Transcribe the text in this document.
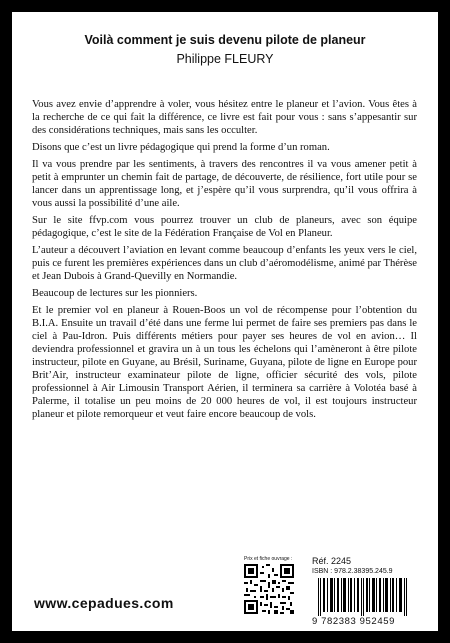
Voilà comment je suis devenu pilote de planeur
Philippe FLEURY

Vous avez envie d’apprendre à voler, vous hésitez entre le planeur et l’avion. Vous êtes à la recherche de ce qui fait la différence, ce livre est fait pour vous : sans s’appesantir sur des considérations techniques, mais sans les occulter.

Disons que c’est un livre pédagogique qui prend la forme d’un roman.

Il va vous prendre par les sentiments, à travers des rencontres il va vous amener petit à petit à emprunter un chemin fait de partage, de découverte, de résilience, fort utile pour se lancer dans un apprentissage long, et j’espère qu’il vous surprendra, qu’il vous offrira à vous aussi la possibilité d’une aile.

Sur le site ffvp.com vous pourrez trouver un club de planeurs, avec son équipe pédagogique, c’est le site de la Fédération Française de Vol en Planeur.

L’auteur a découvert l’aviation en levant comme beaucoup d’enfants les yeux vers le ciel, puis ce furent les premières expériences dans un club d’aéromodélisme, animé par Thérèse et Jean Dubois à Grand-Quevilly en Normandie.

Beaucoup de lectures sur les pionniers.

Et le premier vol en planeur à Rouen-Boos un vol de récompense pour l’obtention du B.I.A. Ensuite un travail d’été dans une ferme lui permet de faire ses premiers pas dans le ciel à Pau-Idron. Puis différents métiers pour payer ses heures de vol en avion… Il deviendra professionnel et gravira un à un tous les échelons qui l’amèneront à être pilote instructeur, pilote en Guyane, au Brésil, Suriname, Guyana, pilote de ligne en Europe pour Brit’Air, instructeur examinateur pilote de ligne, officier sécurité des vols, pilote professionnel à Air Limousin Transport Aérien, il terminera sa carrière à Volotéa basé à Palerme, il totalise un peu moins de 20 000 heures de vol, il est toujours instructeur planeur et pilote remorqueur et veut faire encore beaucoup de vols.

www.cepadues.com
Prix et fiche ouvrage :	Réf. 2245
ISBN : 978.2.38395.245.9
9 782383 952459
